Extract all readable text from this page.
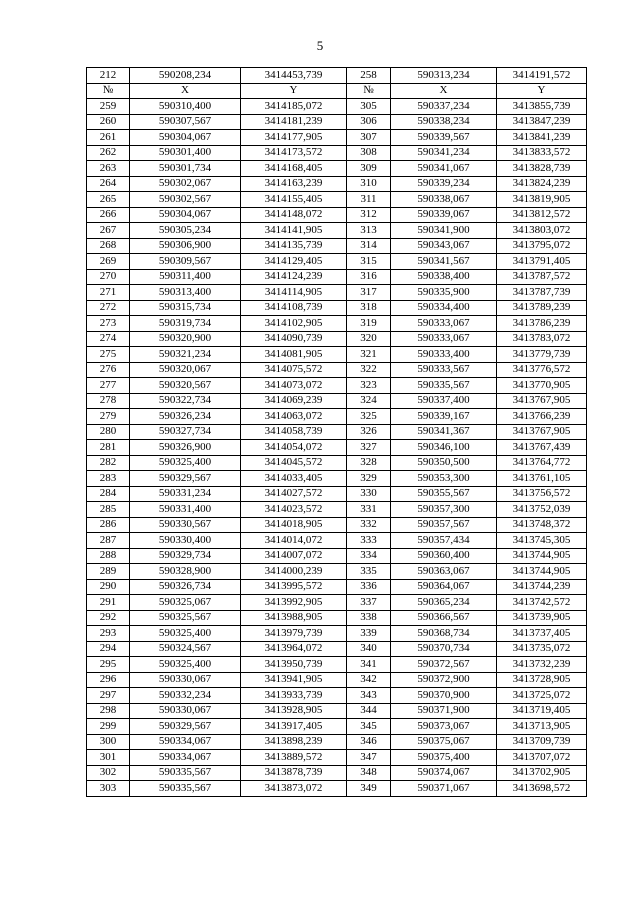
5
212	590208,234	3414453,739	258	590313,234	3414191,572
№	X	Y	№	X	Y
259	590310,400	3414185,072	305	590337,234	3413855,739
260	590307,567	3414181,239	306	590338,234	3413847,239
261	590304,067	3414177,905	307	590339,567	3413841,239
262	590301,400	3414173,572	308	590341,234	3413833,572
263	590301,734	3414168,405	309	590341,067	3413828,739
264	590302,067	3414163,239	310	590339,234	3413824,239
265	590302,567	3414155,405	311	590338,067	3413819,905
266	590304,067	3414148,072	312	590339,067	3413812,572
267	590305,234	3414141,905	313	590341,900	3413803,072
268	590306,900	3414135,739	314	590343,067	3413795,072
269	590309,567	3414129,405	315	590341,567	3413791,405
270	590311,400	3414124,239	316	590338,400	3413787,572
271	590313,400	3414114,905	317	590335,900	3413787,739
272	590315,734	3414108,739	318	590334,400	3413789,239
273	590319,734	3414102,905	319	590333,067	3413786,239
274	590320,900	3414090,739	320	590333,067	3413783,072
275	590321,234	3414081,905	321	590333,400	3413779,739
276	590320,067	3414075,572	322	590333,567	3413776,572
277	590320,567	3414073,072	323	590335,567	3413770,905
278	590322,734	3414069,239	324	590337,400	3413767,905
279	590326,234	3414063,072	325	590339,167	3413766,239
280	590327,734	3414058,739	326	590341,367	3413767,905
281	590326,900	3414054,072	327	590346,100	3413767,439
282	590325,400	3414045,572	328	590350,500	3413764,772
283	590329,567	3414033,405	329	590353,300	3413761,105
284	590331,234	3414027,572	330	590355,567	3413756,572
285	590331,400	3414023,572	331	590357,300	3413752,039
286	590330,567	3414018,905	332	590357,567	3413748,372
287	590330,400	3414014,072	333	590357,434	3413745,305
288	590329,734	3414007,072	334	590360,400	3413744,905
289	590328,900	3414000,239	335	590363,067	3413744,905
290	590326,734	3413995,572	336	590364,067	3413744,239
291	590325,067	3413992,905	337	590365,234	3413742,572
292	590325,567	3413988,905	338	590366,567	3413739,905
293	590325,400	3413979,739	339	590368,734	3413737,405
294	590324,567	3413964,072	340	590370,734	3413735,072
295	590325,400	3413950,739	341	590372,567	3413732,239
296	590330,067	3413941,905	342	590372,900	3413728,905
297	590332,234	3413933,739	343	590370,900	3413725,072
298	590330,067	3413928,905	344	590371,900	3413719,405
299	590329,567	3413917,405	345	590373,067	3413713,905
300	590334,067	3413898,239	346	590375,067	3413709,739
301	590334,067	3413889,572	347	590375,400	3413707,072
302	590335,567	3413878,739	348	590374,067	3413702,905
303	590335,567	3413873,072	349	590371,067	3413698,572
